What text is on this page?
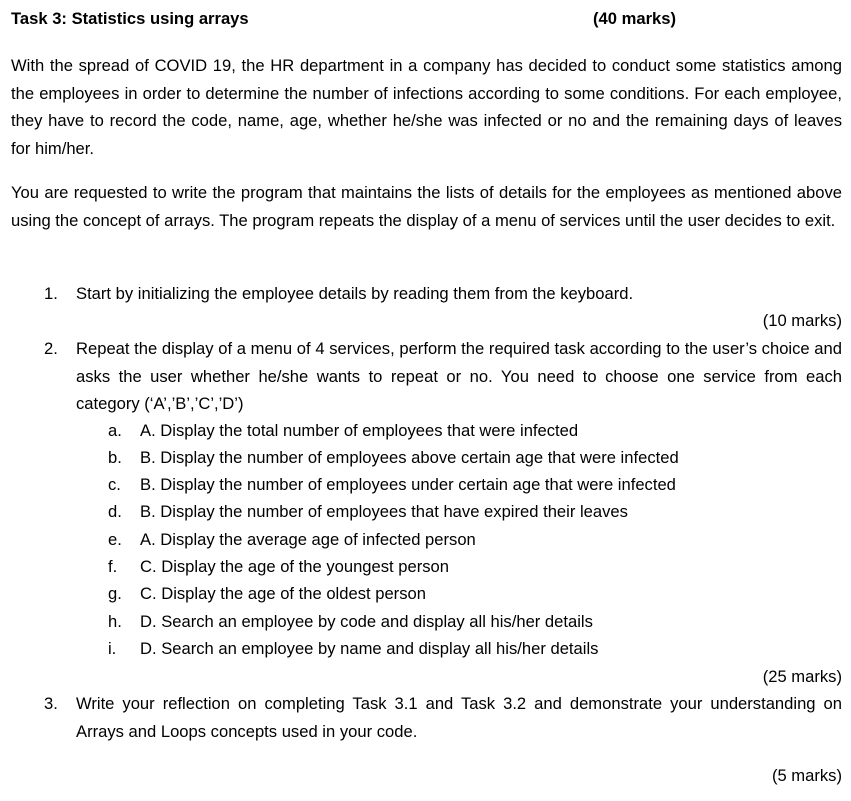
Task 3: Statistics using arrays	(40 marks)
With the spread of COVID 19, the HR department in a company has decided to conduct some statistics among the employees in order to determine the number of infections according to some conditions. For each employee, they have to record the code, name, age, whether he/she was infected or no and the remaining days of leaves for him/her.
You are requested to write the program that maintains the lists of details for the employees as mentioned above using the concept of arrays. The program repeats the display of a menu of services until the user decides to exit.
1.	Start by initializing the employee details by reading them from the keyboard.
(10 marks)
2.	Repeat the display of a menu of 4 services, perform the required task according to the user’s choice and asks the user whether he/she wants to repeat or no. You need to choose one service from each category (‘A’,’B’,’C’,’D’)
a. A. Display the total number of employees that were infected
b. B. Display the number of employees above certain age that were infected
c. B. Display the number of employees under certain age that were infected
d. B. Display the number of employees that have expired their leaves
e. A. Display the average age of infected person
f. C. Display the age of the youngest person
g. C. Display the age of the oldest person
h. D. Search an employee by code and display all his/her details
i. D. Search an employee by name and display all his/her details
(25 marks)
3.	Write your reflection on completing Task 3.1 and Task 3.2 and demonstrate your understanding on Arrays and Loops concepts used in your code.
(5 marks)
